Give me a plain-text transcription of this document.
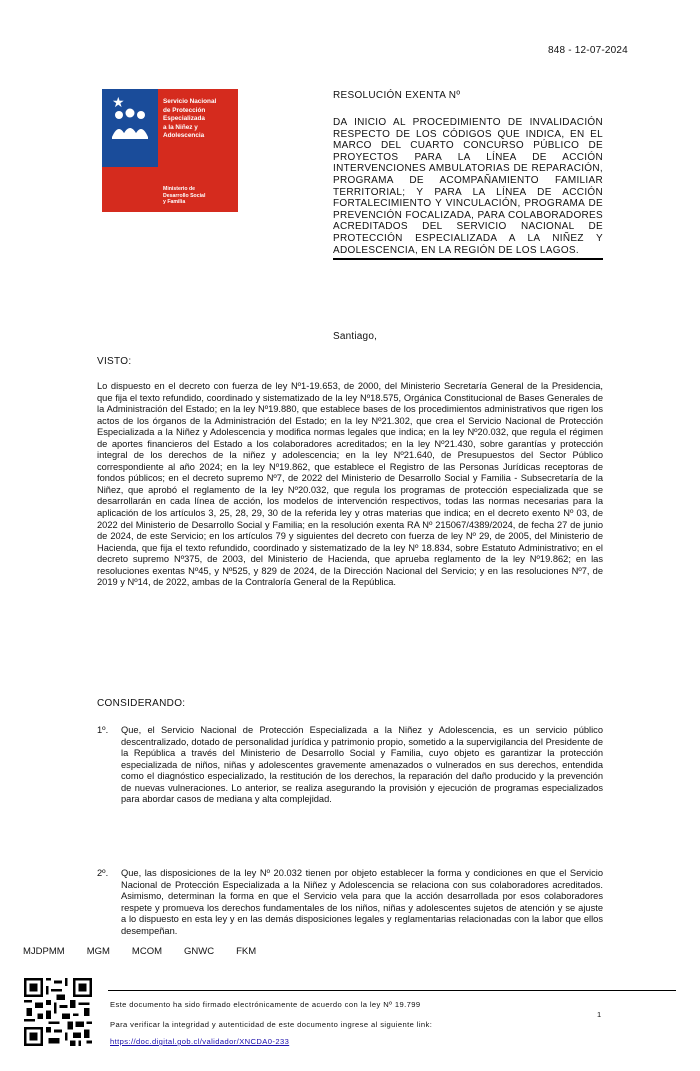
848 - 12-07-2024
★	Servicio Nacional
de Protección
Especializada
a la Niñez y
Adolescencia
Ministerio de
Desarrollo Social
y Familia
RESOLUCIÓN EXENTA Nº
DA INICIO AL PROCEDIMIENTO DE INVALIDACIÓN RESPECTO DE LOS CÓDIGOS QUE INDICA, EN EL MARCO DEL CUARTO CONCURSO PÚBLICO DE PROYECTOS PARA LA LÍNEA DE ACCIÓN INTERVENCIONES AMBULATORIAS DE REPARACIÓN, PROGRAMA DE ACOMPAÑAMIENTO FAMILIAR TERRITORIAL; Y PARA LA LÍNEA DE ACCIÓN FORTALECIMIENTO Y VINCULACIÓN, PROGRAMA DE PREVENCIÓN FOCALIZADA, PARA COLABORADORES ACREDITADOS DEL SERVICIO NACIONAL DE PROTECCIÓN ESPECIALIZADA A LA NIÑEZ Y ADOLESCENCIA, EN LA REGIÓN DE LOS LAGOS.
Santiago,
VISTO:

Lo dispuesto en el decreto con fuerza de ley Nº1-19.653, de 2000, del Ministerio Secretaría General de la Presidencia, que fija el texto refundido, coordinado y sistematizado de la ley Nº18.575, Orgánica Constitucional de Bases Generales de la Administración del Estado; en la ley Nº19.880, que establece bases de los procedimientos administrativos que rigen los actos de los órganos de la Administración del Estado; en la ley Nº21.302, que crea el Servicio Nacional de Protección Especializada a la Niñez y Adolescencia y modifica normas legales que indica; en la ley Nº20.032, que regula el régimen de aportes financieros del Estado a los colaboradores acreditados; en la ley Nº21.430, sobre garantías y protección integral de los derechos de la niñez y adolescencia; en la ley Nº21.640, de Presupuestos del Sector Público correspondiente al año 2024; en la ley Nº19.862, que establece el Registro de las Personas Jurídicas receptoras de fondos públicos; en el decreto supremo Nº7, de 2022 del Ministerio de Desarrollo Social y Familia - Subsecretaría de la Niñez, que aprobó el reglamento de la ley Nº20.032, que regula los programas de protección especializada que se desarrollarán en cada línea de acción, los modelos de intervención respectivos, todas las normas necesarias para la aplicación de los artículos 3, 25, 28, 29, 30 de la referida ley y otras materias que indica; en el decreto exento Nº 03, de 2022 del Ministerio de Desarrollo Social y Familia; en la resolución exenta RA Nº 215067/4389/2024, de fecha 27 de junio de 2024, de este Servicio; en los artículos 79 y siguientes del decreto con fuerza de ley Nº 29, de 2005, del Ministerio de Hacienda, que fija el texto refundido, coordinado y sistematizado de la ley Nº 18.834, sobre Estatuto Administrativo; en el decreto supremo Nº375, de 2003, del Ministerio de Hacienda, que aprueba reglamento de la ley Nº19.862; en las resoluciones exentas Nº45, y Nº525, y 829 de 2024, de la Dirección Nacional del Servicio; y en las resoluciones Nº7, de 2019 y Nº14, de 2022, ambas de la Contraloría General de la República.

CONSIDERANDO:
1º. Que, el Servicio Nacional de Protección Especializada a la Niñez y Adolescencia, es un servicio público descentralizado, dotado de personalidad jurídica y patrimonio propio, sometido a la supervigilancia del Presidente de la República a través del Ministerio de Desarrollo Social y Familia, cuyo objeto es garantizar la protección especializada de niños, niñas y adolescentes gravemente amenazados o vulnerados en sus derechos, entendida como el diagnóstico especializado, la restitución de los derechos, la reparación del daño producido y la prevención de nuevas vulneraciones. Lo anterior, se realiza asegurando la provisión y ejecución de programas especializados para abordar casos de mediana y alta complejidad.

2º. Que, las disposiciones de la ley Nº 20.032 tienen por objeto establecer la forma y condiciones en que el Servicio Nacional de Protección Especializada a la Niñez y Adolescencia se relaciona con sus colaboradores acreditados. Asimismo, determinan la forma en que el Servicio vela para que la acción desarrollada por esos colaboradores respete y promueva los derechos fundamentales de los niños, niñas y adolescentes sujetos de atención y se ajuste a lo dispuesto en esta ley y en las demás disposiciones legales y reglamentarias relacionadas con la labor que ellos desempeñan.

MJDPMM MGM MCOM GNWC FKM
Este documento ha sido firmado electrónicamente de acuerdo con la ley Nº 19.799
Para verificar la integridad y autenticidad de este documento ingrese al siguiente link:
https://doc.digital.gob.cl/validador/XNCDA0-233
1
